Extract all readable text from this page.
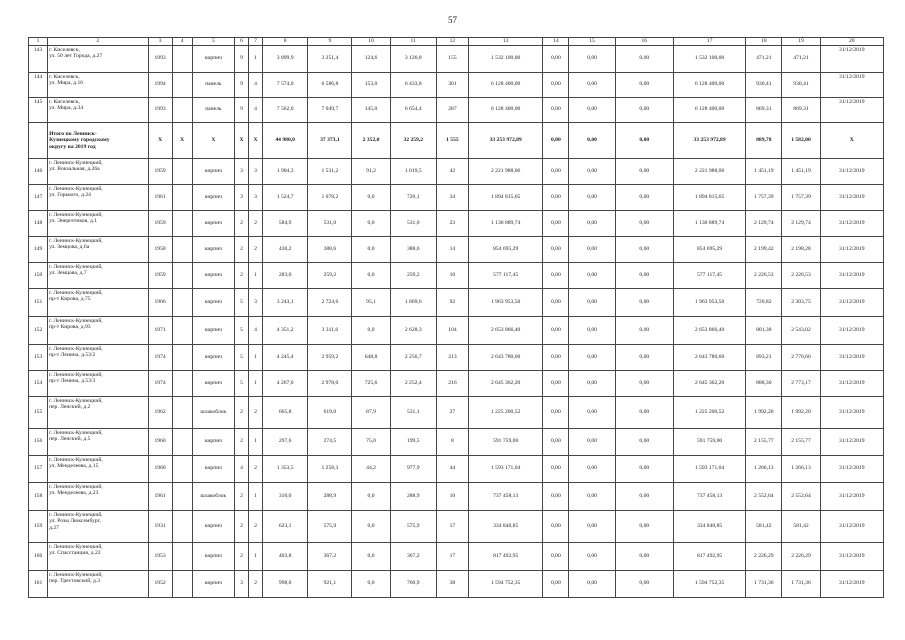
57
1	2	3	4	5	6	7	8	9	10	11	12	13	14	15	16	17	18	19	20
143	г. Киселевск,
ул. 50 лет Города, д.27	1993		кирпич	9	1	3 899,9	3 251,4	124,6	3 126,8	155	1 532 100,00	0,00	0,00	0,00	1 532 100,00	471,21	471,21	31/12/2019
144	г. Киселевск,
ул. Мира, д.16	1994		панель	9	4	7 574,0	6 586,8	153,0	6 433,8	301	6 128 400,00	0,00	0,00	0,00	6 128 400,00	930,41	930,41	31/12/2019
145	г. Киселевск,
ул. Мира, д.34	1993		панель	9	4	7 562,0	7 049,7	145,0	6 654,4	287	6 128 400,00	0,00	0,00	0,00	6 128 400,00	869,31	869,31	31/12/2019

	Итого по Ленинск-
Кузнецкому городскому
округу на 2019 год	X	X	X	X	X	44 980,0	37 373,1	2 352,0	32 259,2	1 555	33 253 972,89	0,00	0,00	0,00	33 253 972,89	889,78	1 582,00	X
146	г. Ленинск-Кузнецкий,
ул. Вокзальная, д.26а	1959		кирпич	3	3	1 904,3	1 531,2	91,2	1 019,5	42	2 221 988,06	0,00	0,00	0,00	2 221 988,06	1 451,19	1 451,19	31/12/2019
147	г. Ленинск-Кузнецкий,
ул. Горького, д.24	1961		кирпич	3	3	1 524,7	1 078,2	0,0	720,1	34	1 894 815,65	0,00	0,00	0,00	1 894 815,65	1 757,39	1 757,39	31/12/2019
148	г. Ленинск-Кузнецкий,
ул. Энергетиков, д.1	1959		кирпич	2	2	584,9	531,0	0,0	531,0	23	1 130 889,74	0,00	0,00	0,00	1 130 889,74	2 129,74	2 129,74	31/12/2019
149	г. Ленинск-Кузнецкий,
ул. Земцова, д.6а	1958		кирпич	2	2	430,2	388,6	0,0	388,6	14	854 695,29	0,00	0,00	0,00	854 695,29	2 199,42	2 198,28	31/12/2019
150	г. Ленинск-Кузнецкий,
ул. Земцова, д.7	1959		кирпич	2	1	283,0	259,2	0,0	259,2	10	577 117,45	0,00	0,00	0,00	577 117,45	2 226,53	2 226,53	31/12/2019
151	г. Ленинск-Кузнецкий,
пр-т Кирова, д.75	1966		кирпич	5	3	3 243,1	2 724,6	95,1	1 869,6	92	1 963 953,50	0,00	0,00	0,00	1 963 953,50	720,82	2 303,75	31/12/2019
152	г. Ленинск-Кузнецкий,
пр-т Кирова, д.93	1971		кирпич	5	4	4 351,2	3 311,6	0,0	2 628,3	104	2 653 866,40	0,00	0,00	0,00	2 653 866,40	801,38	2 543,02	31/12/2019
153	г. Ленинск-Кузнецкий,
пр-т Ленина, д.53/2	1974		кирпич	5	1	4 245,4	2 959,2	648,8	2 256,7	213	2 643 780,60	0,00	0,00	0,00	2 643 780,60	893,21	2 776,66	31/12/2019
154	г. Ленинск-Кузнецкий,
пр-т Ленина, д.53/3	1974		кирпич	5	1	4 267,0	2 978,0	725,6	2 252,4	216	2 645 362,20	0,00	0,00	0,00	2 645 362,20	888,30	2 773,17	31/12/2019
155	г. Ленинск-Кузнецкий,
пер. Ленский, д.2	1962		шлакоблок	2	2	665,8	619,0	87,9	531,1	27	1 225 200,52	0,00	0,00	0,00	1 225 200,52	1 992,20	1 992,20	31/12/2019
156	г. Ленинск-Кузнецкий,
пер. Ленский, д.5	1960		кирпич	2	1	297,6	274,5	75,0	199,5	8	591 759,00	0,00	0,00	0,00	591 759,00	2 155,77	2 155,77	31/12/2019
157	г. Ленинск-Кузнецкий,
ул. Менделеева, д.15	1960		кирпич	4	2	1 353,5	1 258,3	44,2	977,9	44	1 593 171,04	0,00	0,00	0,00	1 593 171,04	1 266,13	1 266,13	31/12/2019
158	г. Ленинск-Кузнецкий,
ул. Менделеева, д.23	1961		шлакоблок	2	1	310,0	288,9	0,0	288,9	10	737 458,13	0,00	0,00	0,00	737 458,13	2 552,64	2 552,64	31/12/2019
159	г. Ленинск-Кузнецкий,
ул. Розы Люксембург,
д.27	1931		кирпич	2	2	623,1	575,9	0,0	575,9	17	334 840,85	0,00	0,00	0,00	334 840,85	581,42	581,42	31/12/2019
160	г. Ленинск-Кузнецкий,
ул. Спасстанция, д.22	1953		кирпич	2	1	403,8	367,2	0,0	367,2	17	817 492,95	0,00	0,00	0,00	817 492,95	2 226,29	2 226,29	31/12/2019
161	г. Ленинск-Кузнецкий,
пер. Трестовский, д.3	1952		кирпич	3	2	998,0	921,1	0,0	760,9	38	1 594 752,35	0,00	0,00	0,00	1 594 752,35	1 731,36	1 731,36	31/12/2019
